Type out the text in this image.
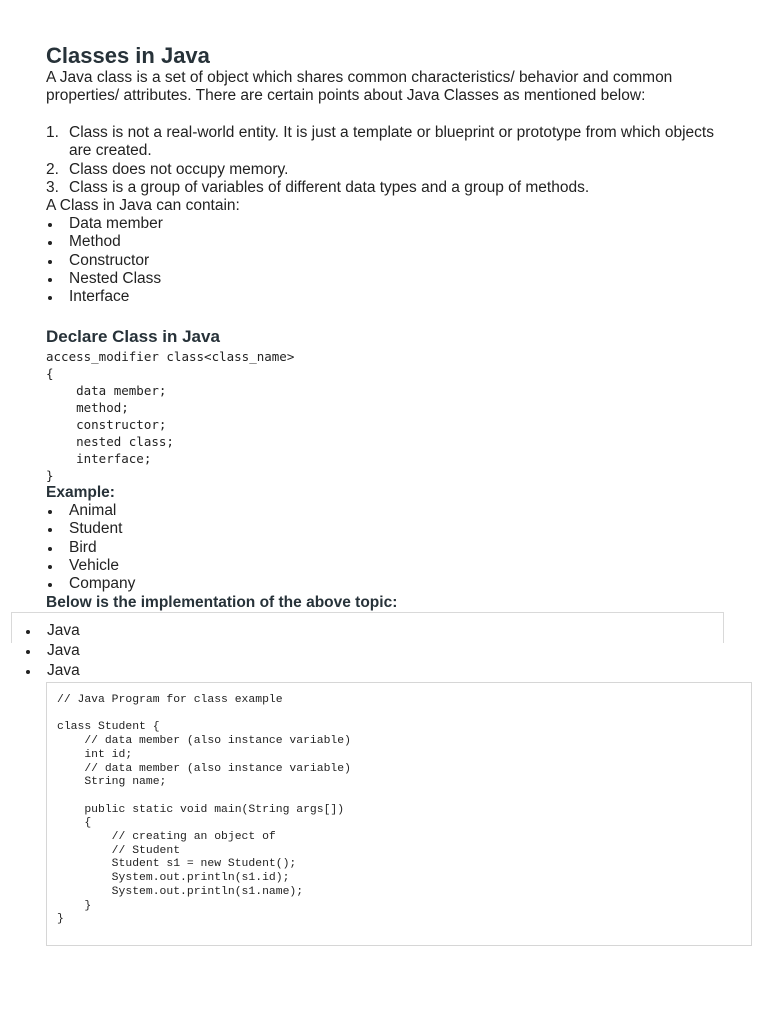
Classes in Java

A Java class is a set of object which shares common characteristics/ behavior and common properties/ attributes. There are certain points about Java Classes as mentioned below:

1. Class is not a real-world entity. It is just a template or blueprint or prototype from which objects are created.
2. Class does not occupy memory.
3. Class is a group of variables of different data types and a group of methods.
A Class in Java can contain:
Data member
Method
Constructor
Nested Class
Interface
Declare Class in Java
access_modifier class<class_name>
{
data member;
method;
constructor;
nested class;
interface;
}
Example:
Animal
Student
Bird
Vehicle
Company
Below is the implementation of the above topic:
Java
Java
Java
// Java Program for class example

class Student {
// data member (also instance variable)
int id;
// data member (also instance variable)
String name;

public static void main(String args[])
{
// creating an object of
// Student
Student s1 = new Student();
System.out.println(s1.id);
System.out.println(s1.name);
}
}
